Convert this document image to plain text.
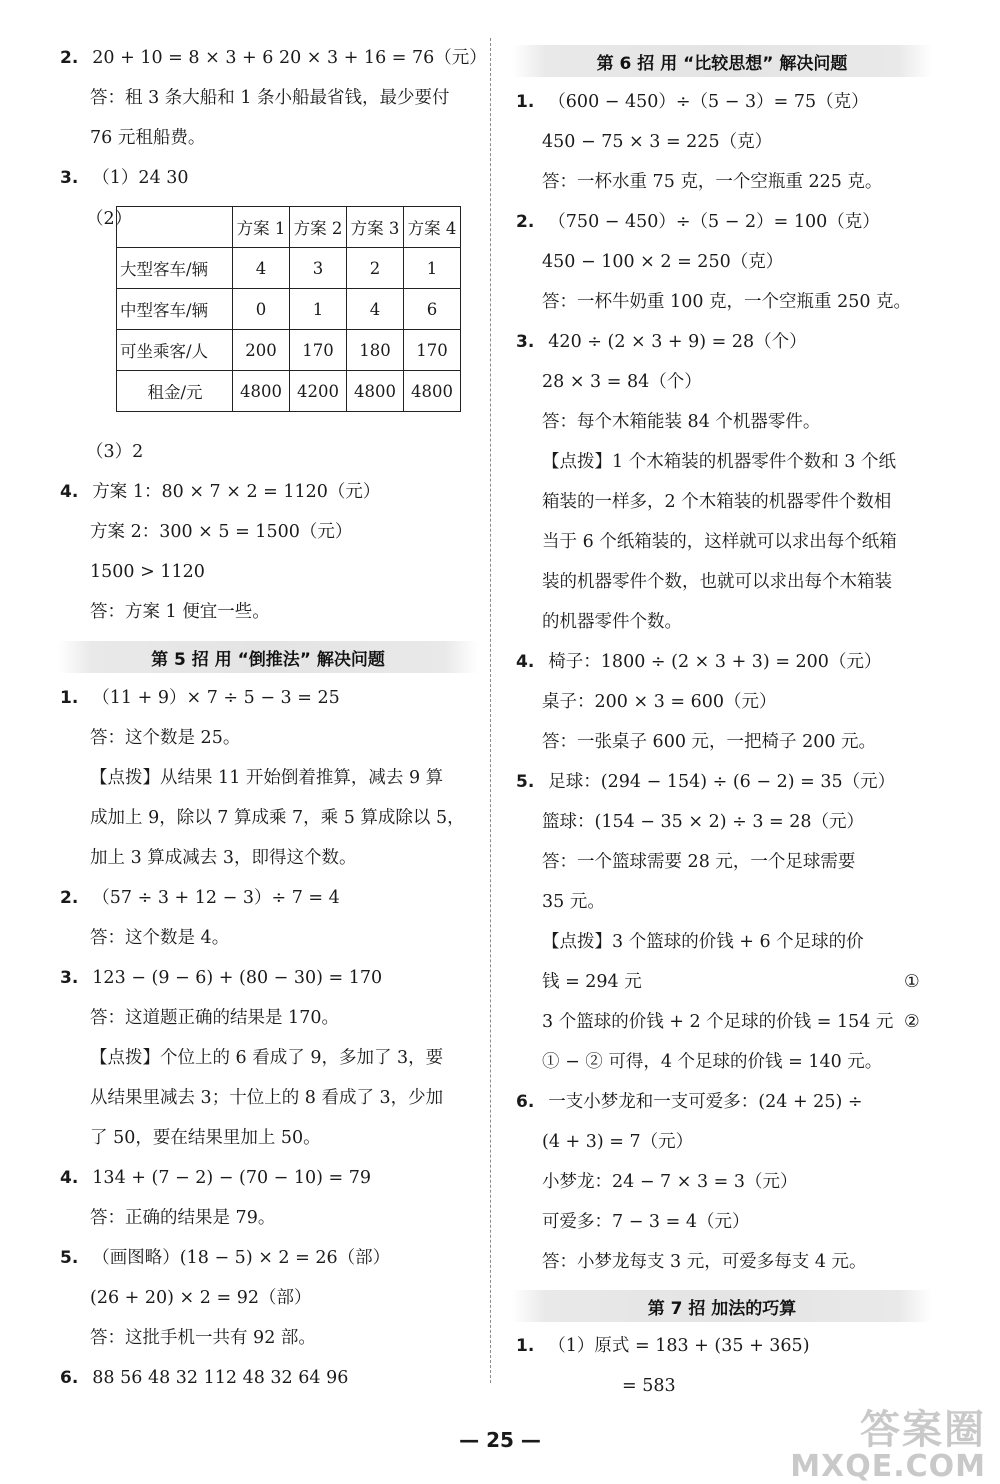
2. 20 + 10 = 8 × 3 + 6 20 × 3 + 16 = 76（元）
答：租 3 条大船和 1 条小船最省钱，最少要付
76 元租船费。
3. （1）24 30
（2）
（3）2
4. 方案 1：80 × 7 × 2 = 1120（元）
方案 2：300 × 5 = 1500（元）
1500 > 1120
答：方案 1 便宜一些。
1. （11 + 9）× 7 ÷ 5 − 3 = 25
答：这个数是 25。
【点拨】从结果 11 开始倒着推算，减去 9 算
成加上 9，除以 7 算成乘 7，乘 5 算成除以 5，
加上 3 算成减去 3，即得这个数。
2. （57 ÷ 3 + 12 − 3）÷ 7 = 4
答：这个数是 4。
3. 123 − (9 − 6) + (80 − 30) = 170
答：这道题正确的结果是 170。
【点拨】个位上的 6 看成了 9，多加了 3，要
从结果里减去 3；十位上的 8 看成了 3，少加
了 50，要在结果里加上 50。
4. 134 + (7 − 2) − (70 − 10) = 79
答：正确的结果是 79。
5. （画图略）(18 − 5) × 2 = 26（部）
(26 + 20) × 2 = 92（部）
答：这批手机一共有 92 部。
6. 88 56 48 32 112 48 32 64 96
1. （600 − 450）÷（5 − 3）= 75（克）
450 − 75 × 3 = 225（克）
答：一杯水重 75 克，一个空瓶重 225 克。
2. （750 − 450）÷（5 − 2）= 100（克）
450 − 100 × 2 = 250（克）
答：一杯牛奶重 100 克，一个空瓶重 250 克。
3. 420 ÷ (2 × 3 + 9) = 28（个）
28 × 3 = 84（个）
答：每个木箱能装 84 个机器零件。
【点拨】1 个木箱装的机器零件个数和 3 个纸
箱装的一样多，2 个木箱装的机器零件个数相
当于 6 个纸箱装的，这样就可以求出每个纸箱
装的机器零件个数，也就可以求出每个木箱装
的机器零件个数。
4. 椅子：1800 ÷ (2 × 3 + 3) = 200（元）
桌子：200 × 3 = 600（元）
答：一张桌子 600 元，一把椅子 200 元。
5. 足球：(294 − 154) ÷ (6 − 2) = 35（元）
篮球：(154 − 35 × 2) ÷ 3 = 28（元）
答：一个篮球需要 28 元，一个足球需要
35 元。
【点拨】3 个篮球的价钱 + 6 个足球的价
钱 = 294 元	①
3 个篮球的价钱 + 2 个足球的价钱 = 154 元 ②
① − ② 可得，4 个足球的价钱 = 140 元。
6. 一支小梦龙和一支可爱多：(24 + 25) ÷
(4 + 3) = 7（元）
小梦龙：24 − 7 × 3 = 3（元）
可爱多：7 − 3 = 4（元）
答：小梦龙每支 3 元，可爱多每支 4 元。
1. （1）原式 = 183 + (35 + 365)
= 583
第 5 招 用 “倒推法” 解决问题
第 6 招 用 “比较思想” 解决问题
第 7 招 加法的巧算
	方案 1	方案 2	方案 3	方案 4
大型客车/辆	4	3	2	1
中型客车/辆	0	1	4	6
可坐乘客/人	200	170	180	170
租金/元	4800	4200	4800	4800
— 25 —	答案圈
MXQE.COM
